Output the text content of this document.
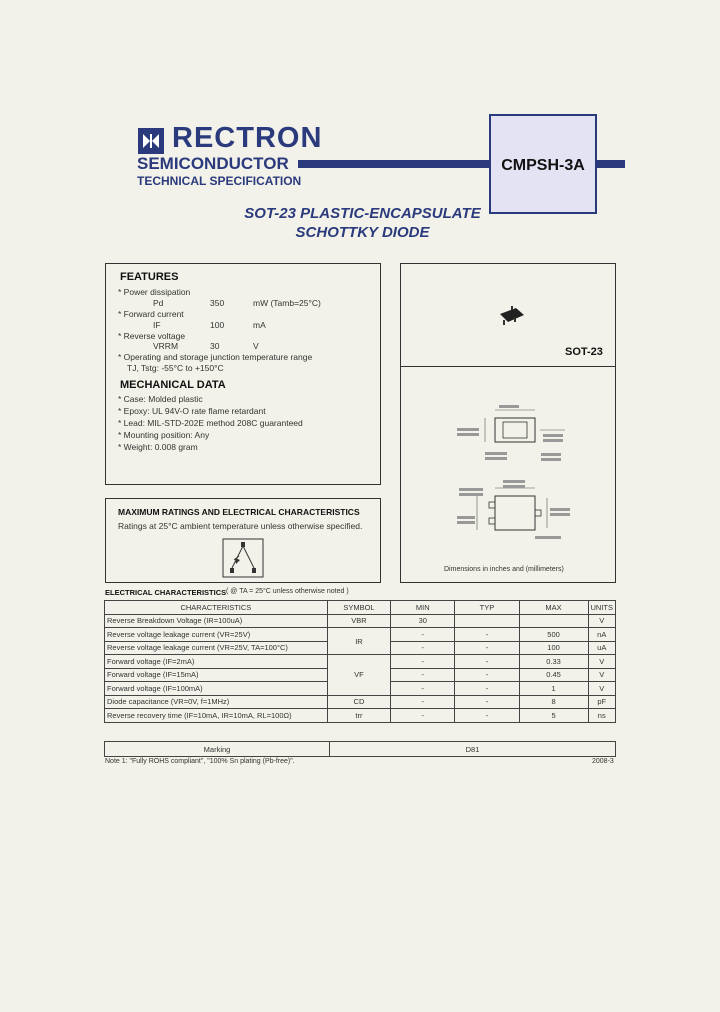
RECTRON
SEMICONDUCTOR
TECHNICAL SPECIFICATION
CMPSH-3A
SOT-23 PLASTIC-ENCAPSULATE
SCHOTTKY DIODE
FEATURES
* Power dissipation
Pd	350	mW (Tamb=25°C)
* Forward current
IF	100	mA
* Reverse voltage
VRRM	30	V
* Operating and storage junction temperature range
TJ, Tstg: -55°C to +150°C
MECHANICAL DATA
* Case: Molded plastic
* Epoxy: UL 94V-O rate flame retardant
* Lead: MIL-STD-202E method 208C guaranteed
* Mounting position: Any
* Weight: 0.008 gram
SOT-23
Dimensions in inches and (millimeters)
MAXIMUM RATINGS AND ELECTRICAL CHARACTERISTICS
Ratings at 25°C ambient temperature unless otherwise specified.
ELECTRICAL CHARACTERISTICS ( @ TA = 25°C unless otherwise noted )
CHARACTERISTICS	SYMBOL	MIN	TYP	MAX	UNITS
Reverse Breakdown Voltage (IR=100uA)	VBR	30			V
Reverse voltage leakage current (VR=25V)	IR	-	-	500	nA
Reverse voltage leakage current (VR=25V, TA=100°C)		-	-	100	uA
Forward voltage (IF=2mA)	VF	-	-	0.33	V
Forward voltage (IF=15mA)		-	-	0.45	V
Forward voltage (IF=100mA)		-	-	1	V
Diode capacitance (VR=0V, f=1MHz)	CD	-	-	8	pF
Reverse recovery time (IF=10mA, IR=10mA, RL=100Ω)	trr	-	-	5	ns
Marking	D81
Note 1: "Fully ROHS compliant", "100% Sn plating (Pb-free)".	2008-3
